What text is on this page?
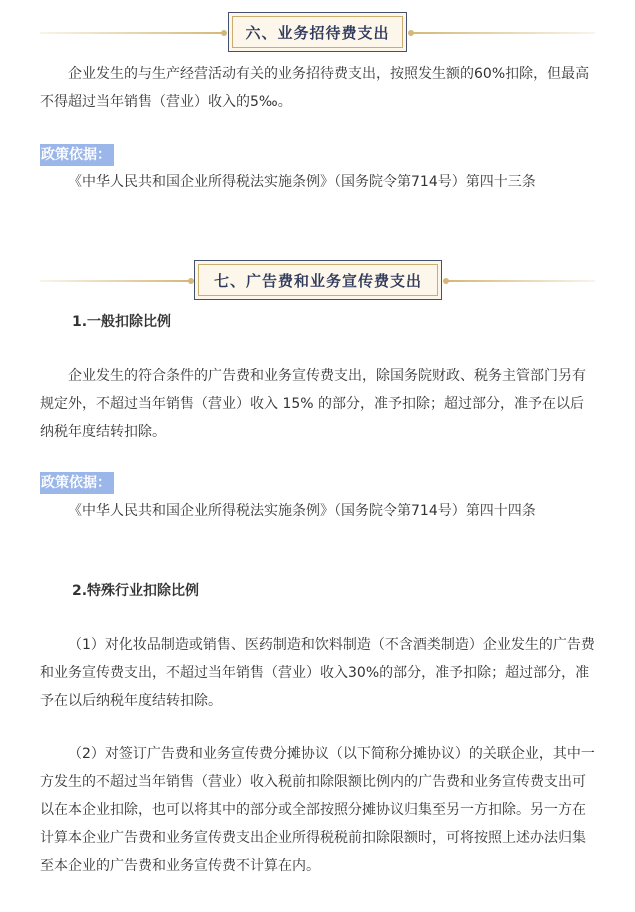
六、业务招待费支出

企业发生的与生产经营活动有关的业务招待费支出，按照发生额的60%扣除，但最高不得超过当年销售（营业）收入的5‰。

政策依据：

《中华人民共和国企业所得税法实施条例》（国务院令第714号）第四十三条

七、广告费和业务宣传费支出
1.一般扣除比例

企业发生的符合条件的广告费和业务宣传费支出，除国务院财政、税务主管部门另有规定外，不超过当年销售（营业）收入 15% 的部分，准予扣除；超过部分，准予在以后纳税年度结转扣除。

政策依据：

《中华人民共和国企业所得税法实施条例》（国务院令第714号）第四十四条

2.特殊行业扣除比例

（1）对化妆品制造或销售、医药制造和饮料制造（不含酒类制造）企业发生的广告费和业务宣传费支出，不超过当年销售（营业）收入30%的部分，准予扣除；超过部分，准予在以后纳税年度结转扣除。

（2）对签订广告费和业务宣传费分摊协议（以下简称分摊协议）的关联企业，其中一方发生的不超过当年销售（营业）收入税前扣除限额比例内的广告费和业务宣传费支出可以在本企业扣除，也可以将其中的部分或全部按照分摊协议归集至另一方扣除。另一方在计算本企业广告费和业务宣传费支出企业所得税税前扣除限额时，可将按照上述办法归集至本企业的广告费和业务宣传费不计算在内。
